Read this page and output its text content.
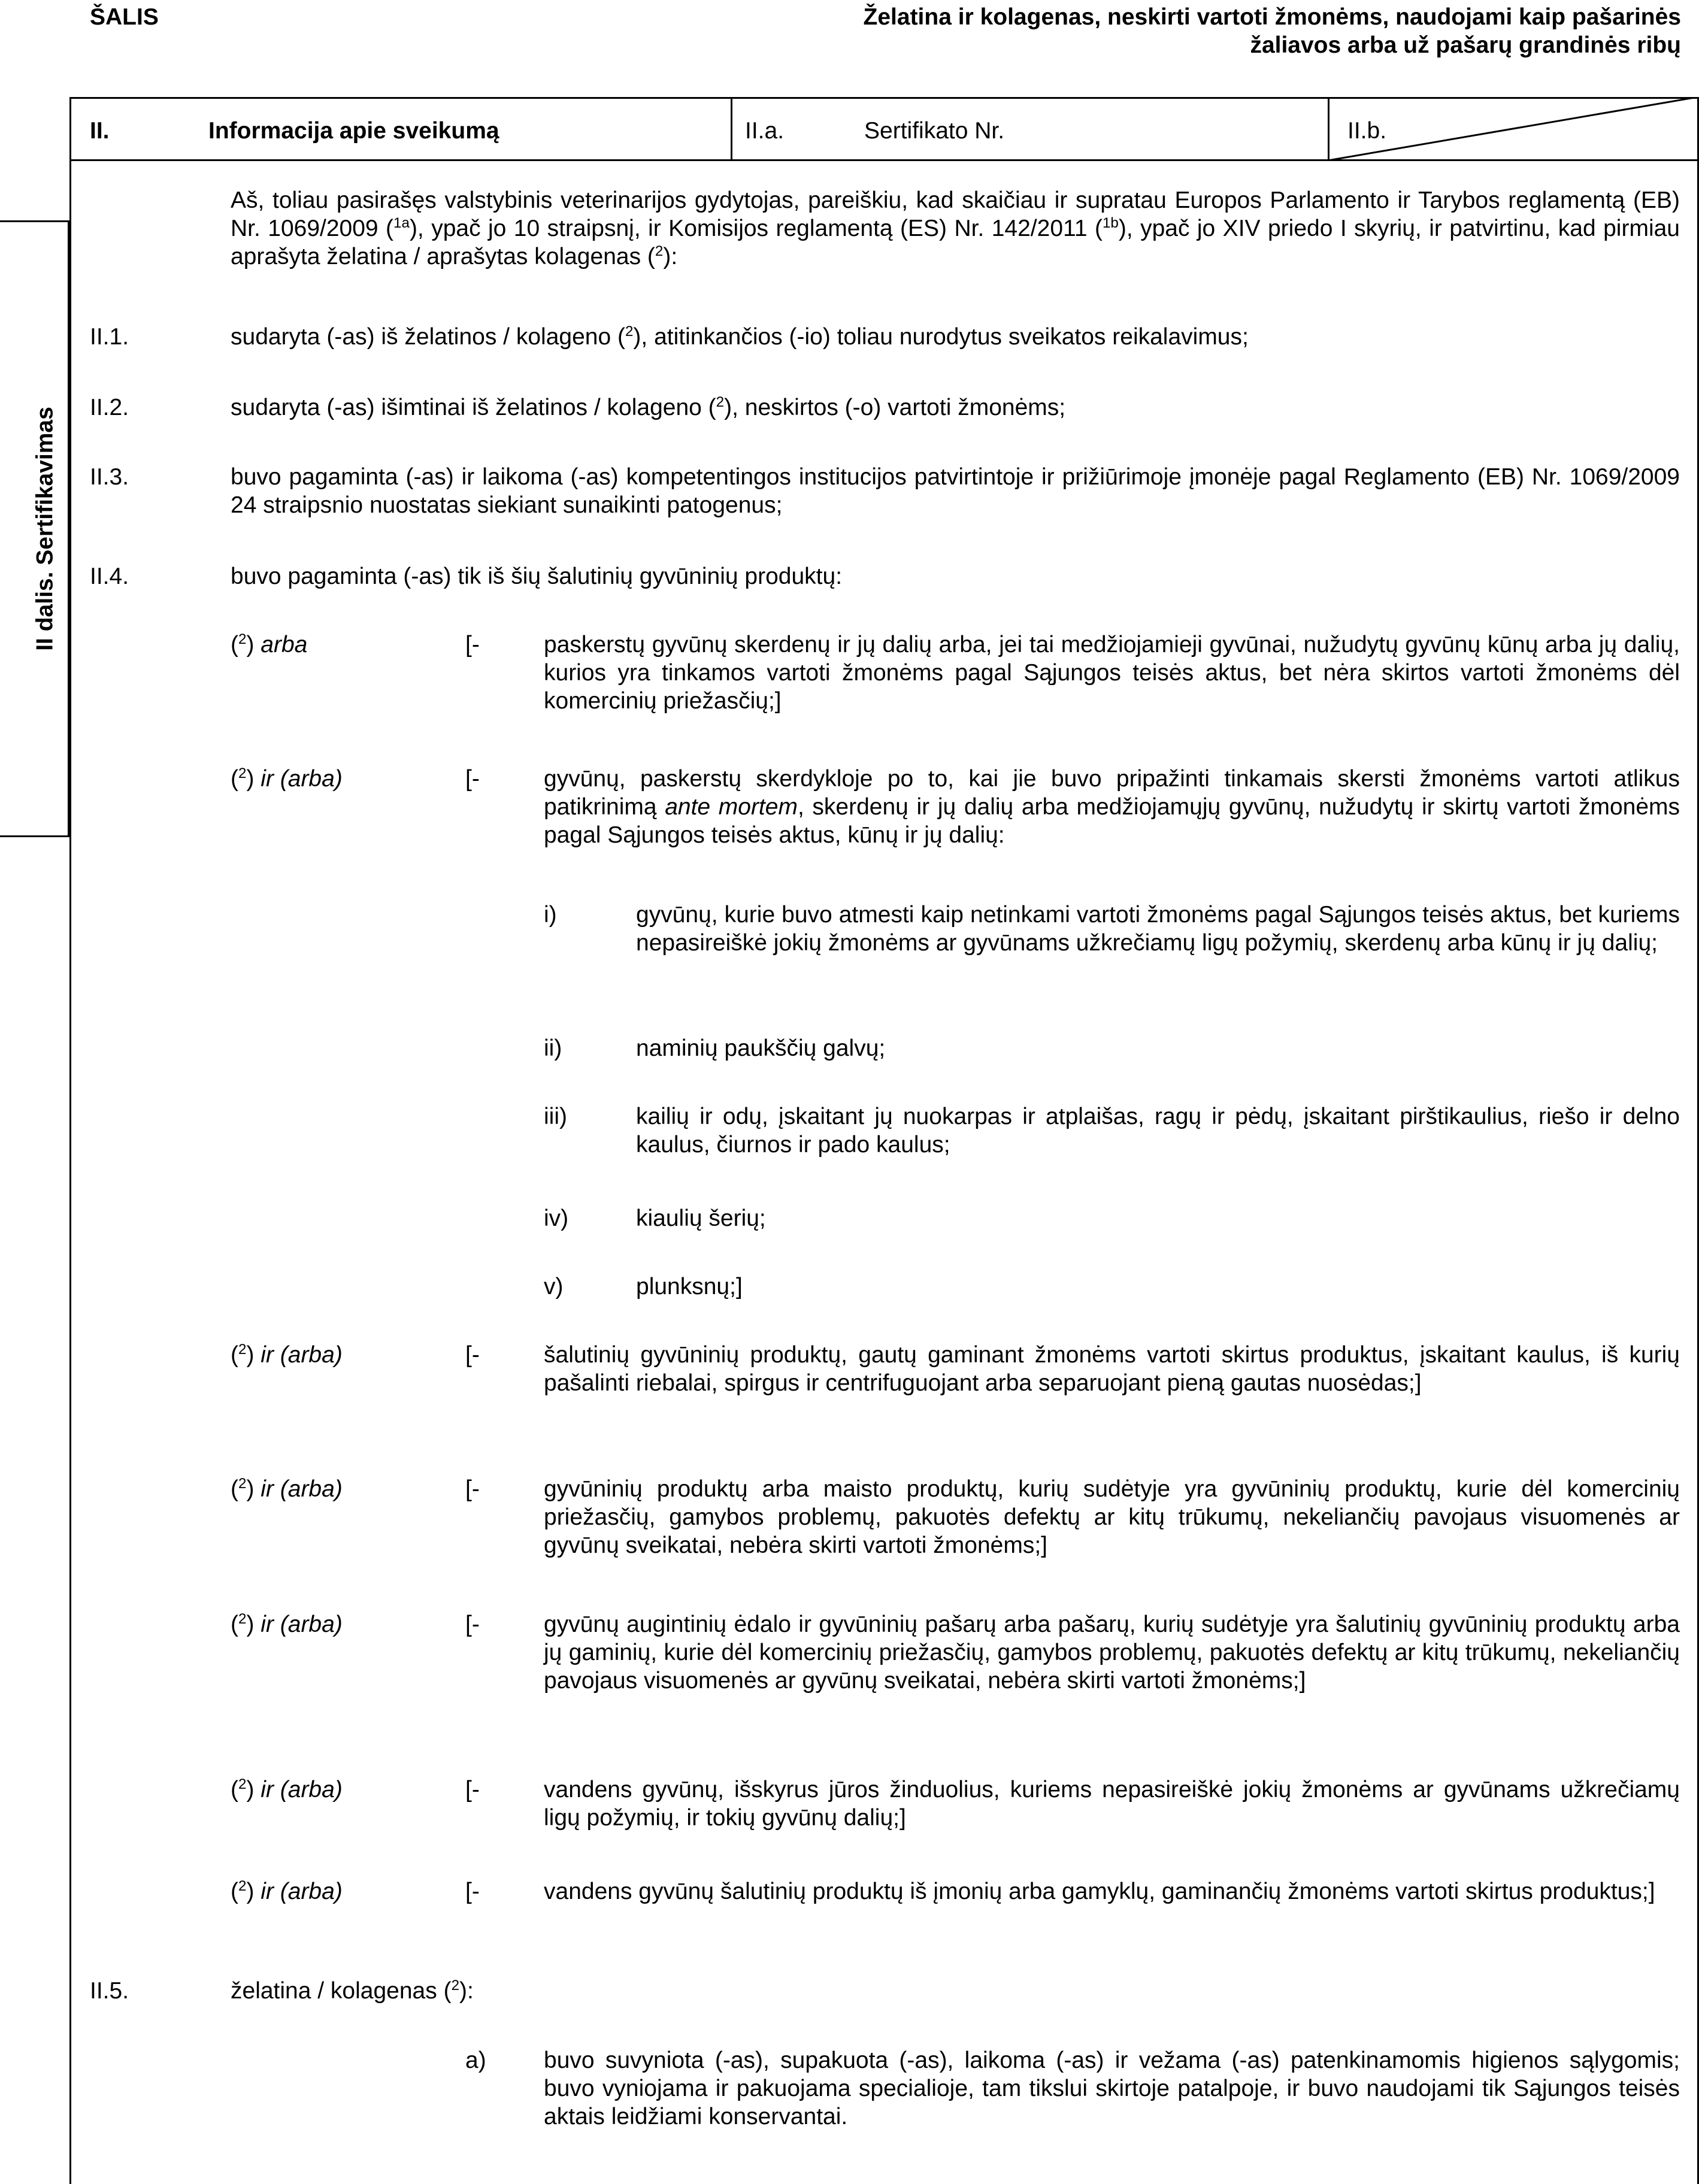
ŠALIS	Želatina ir kolagenas, neskirti vartoti žmonėms, naudojami kaip pašarinės žaliavos arba už pašarų grandinės ribų
II.	Informacija apie sveikumą	II.a.	Sertifikato Nr.	II.b.
II dalis. Sertifikavimas
Aš, toliau pasirašęs valstybinis veterinarijos gydytojas, pareiškiu, kad skaičiau ir supratau Europos Parlamento ir Tarybos reglamentą (EB) Nr. 1069/2009 ($^{1a}$), ypač jo 10 straipsnį, ir Komisijos reglamentą (ES) Nr. 142/2011 ($^{1b}$), ypač jo XIV priedo I skyrių, ir patvirtinu, kad pirmiau aprašyta želatina / aprašytas kolagenas ($^2$):
II.1.	sudaryta (-as) iš želatinos / kolageno ($^2$), atitinkančios (-io) toliau nurodytus sveikatos reikalavimus;
II.2.	sudaryta (-as) išimtinai iš želatinos / kolageno ($^2$), neskirtos (-o) vartoti žmonėms;
II.3.	buvo pagaminta (-as) ir laikoma (-as) kompetentingos institucijos patvirtintoje ir prižiūrimoje įmonėje pagal Reglamento (EB) Nr. 1069/2009 24 straipsnio nuostatas siekiant sunaikinti patogenus;
II.4.	buvo pagaminta (-as) tik iš šių šalutinių gyvūninių produktų:
($^2$) arba	[-	paskerstų gyvūnų skerdenų ir jų dalių arba, jei tai medžiojamieji gyvūnai, nužudytų gyvūnų kūnų arba jų dalių, kurios yra tinkamos vartoti žmonėms pagal Sąjungos teisės aktus, bet nėra skirtos vartoti žmonėms dėl komercinių priežasčių;]
($^2$) ir (arba)	[-	gyvūnų, paskerstų skerdykloje po to, kai jie buvo pripažinti tinkamais skersti žmonėms vartoti atlikus patikrinimą ante mortem, skerdenų ir jų dalių arba medžiojamųjų gyvūnų, nužudytų ir skirtų vartoti žmonėms pagal Sąjungos teisės aktus, kūnų ir jų dalių:
i)	gyvūnų, kurie buvo atmesti kaip netinkami vartoti žmonėms pagal Sąjungos teisės aktus, bet kuriems nepasireiškė jokių žmonėms ar gyvūnams užkrečiamų ligų požymių, skerdenų arba kūnų ir jų dalių;
ii)	naminių paukščių galvų;
iii)	kailių ir odų, įskaitant jų nuokarpas ir atplaišas, ragų ir pėdų, įskaitant pirštikaulius, riešo ir delno kaulus, čiurnos ir pado kaulus;
iv)	kiaulių šerių;
v)	plunksnų;]
($^2$) ir (arba)	[-	šalutinių gyvūninių produktų, gautų gaminant žmonėms vartoti skirtus produktus, įskaitant kaulus, iš kurių pašalinti riebalai, spirgus ir centrifuguojant arba separuojant pieną gautas nuosėdas;]
($^2$) ir (arba)	[-	gyvūninių produktų arba maisto produktų, kurių sudėtyje yra gyvūninių produktų, kurie dėl komercinių priežasčių, gamybos problemų, pakuotės defektų ar kitų trūkumų, nekeliančių pavojaus visuomenės ar gyvūnų sveikatai, nebėra skirti vartoti žmonėms;]
($^2$) ir (arba)	[-	gyvūnų augintinių ėdalo ir gyvūninių pašarų arba pašarų, kurių sudėtyje yra šalutinių gyvūninių produktų arba jų gaminių, kurie dėl komercinių priežasčių, gamybos problemų, pakuotės defektų ar kitų trūkumų, nekeliančių pavojaus visuomenės ar gyvūnų sveikatai, nebėra skirti vartoti žmonėms;]
($^2$) ir (arba)	[-	vandens gyvūnų, išskyrus jūros žinduolius, kuriems nepasireiškė jokių žmonėms ar gyvūnams užkrečiamų ligų požymių, ir tokių gyvūnų dalių;]
($^2$) ir (arba)	[-	vandens gyvūnų šalutinių produktų iš įmonių arba gamyklų, gaminančių žmonėms vartoti skirtus produktus;]
II.5.	želatina / kolagenas ($^2$):
a) buvo suvyniota (-as), supakuota (-as), laikoma (-as) ir vežama (-as) patenkinamomis higienos sąlygomis; buvo vyniojama ir pakuojama specialioje, tam tikslui skirtoje patalpoje, ir buvo naudojami tik Sąjungos teisės aktais leidžiami konservantai.
